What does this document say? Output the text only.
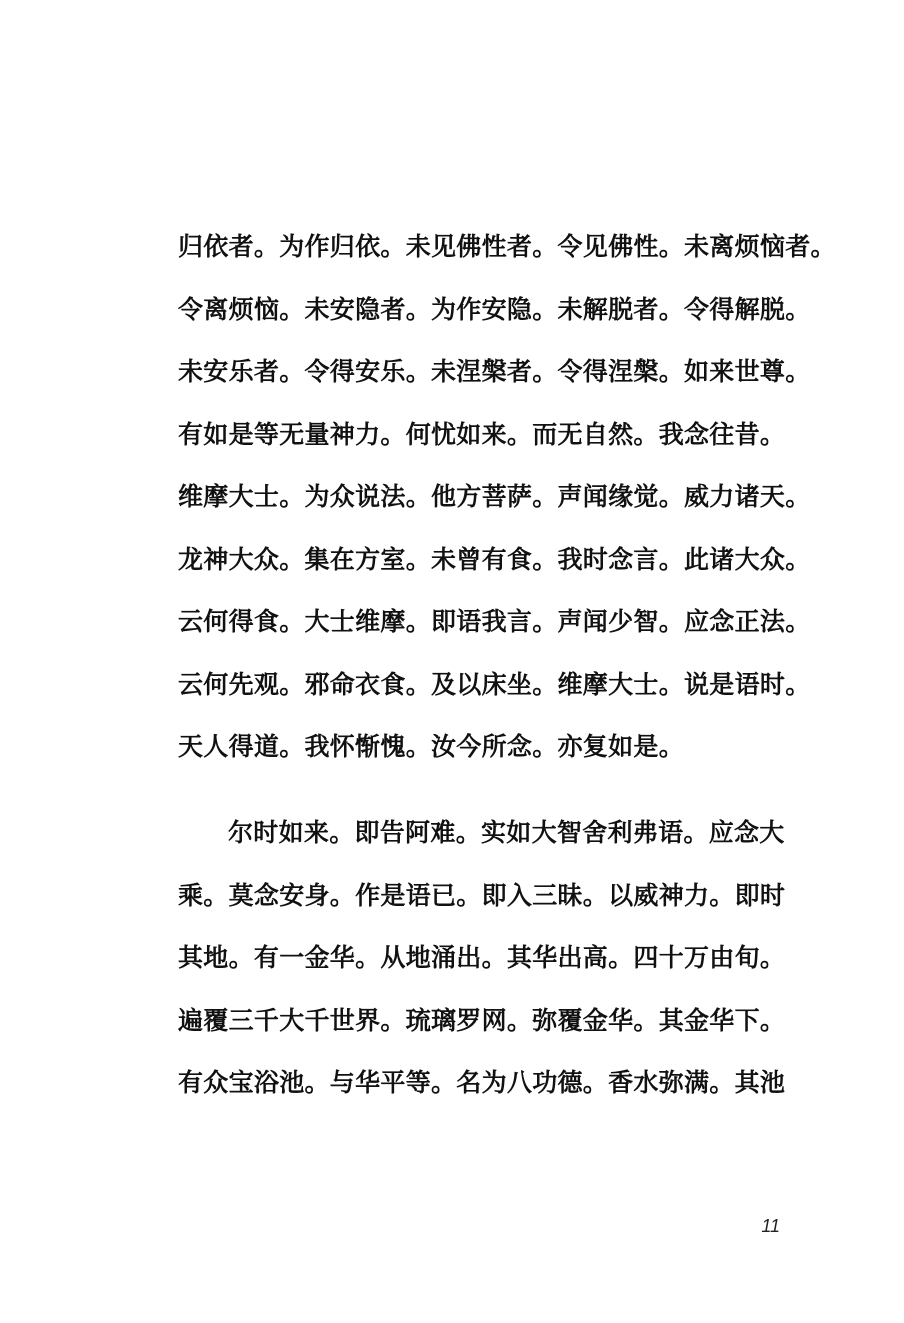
归依者。为作归依。未见佛性者。令见佛性。未离烦恼者。
令离烦恼。未安隐者。为作安隐。未解脱者。令得解脱。
未安乐者。令得安乐。未涅槃者。令得涅槃。如来世尊。
有如是等无量神力。何忧如来。而无自然。我念往昔。
维摩大士。为众说法。他方菩萨。声闻缘觉。威力诸天。
龙神大众。集在方室。未曾有食。我时念言。此诸大众。
云何得食。大士维摩。即语我言。声闻少智。应念正法。
云何先观。邪命衣食。及以床坐。维摩大士。说是语时。
天人得道。我怀惭愧。汝今所念。亦复如是。
尔时如来。即告阿难。实如大智舍利弗语。应念大
乘。莫念安身。作是语已。即入三昧。以威神力。即时
其地。有一金华。从地涌出。其华出高。四十万由旬。
遍覆三千大千世界。琉璃罗网。弥覆金华。其金华下。
有众宝浴池。与华平等。名为八功德。香水弥满。其池
11
